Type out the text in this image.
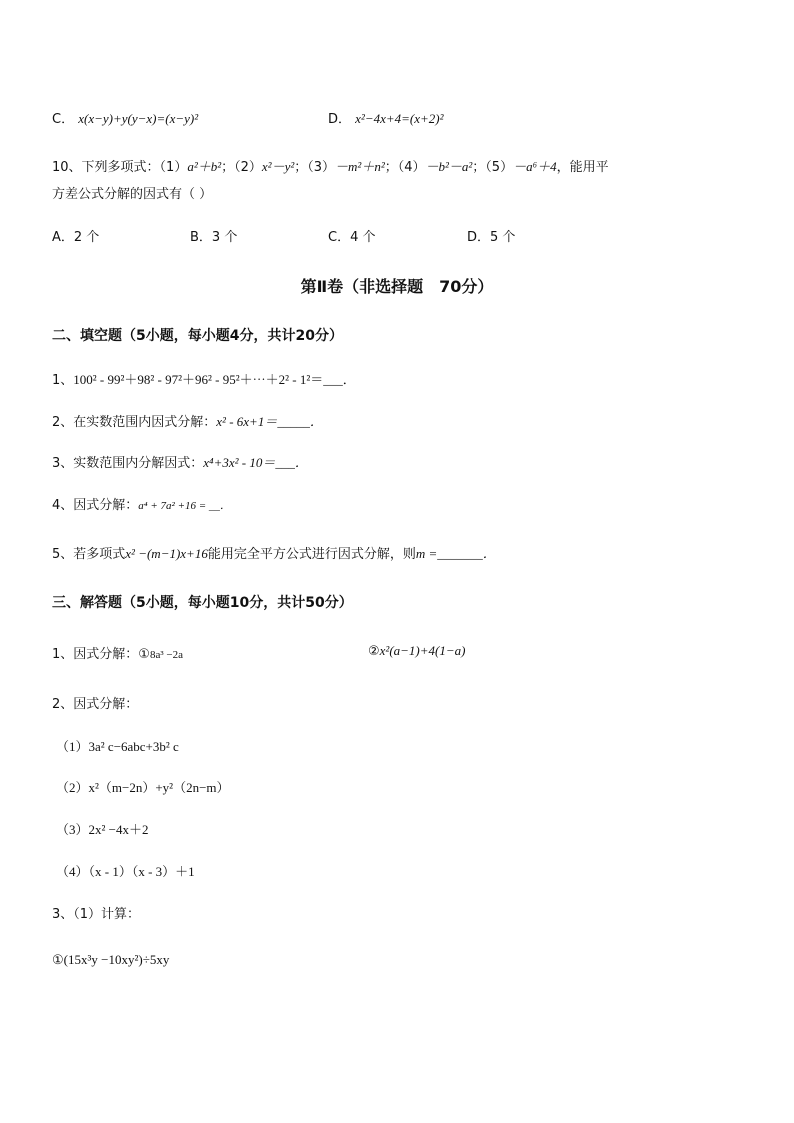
C． x(x−y)+y(y−x)=(x−y)²	D． x²−4x+4=(x+2)²
10、下列多项式：（1）a²＋b²；（2）x²－y²；（3）－m²＋n²；（4）－b²－a²；（5）－a⁶＋4，能用平
方差公式分解的因式有（ ）
A．2 个	B．3 个	C．4 个	D．5 个
第Ⅱ卷（非选择题　70分）
二、填空题（5小题，每小题4分，共计20分）
1、100² - 99²＋98² - 97²＋96² - 95²＋⋯＋2² - 1²＝___．
2、在实数范围内因式分解：x² - 6x+1＝_____．
3、实数范围内分解因式：x⁴+3x² - 10＝___．
4、因式分解：a⁴ + 7a² +16 = __．
5、若多项式x² −(m−1)x+16能用完全平方公式进行因式分解，则m =_______．
三、解答题（5小题，每小题10分，共计50分）
1、因式分解：①8a³ −2a	②x²(a−1)+4(1−a)
2、因式分解：
（1）3a² c−6abc+3b² c
（2）x²（m−2n）+y²（2n−m）
（3）2x² −4x＋2
（4）（x - 1）（x - 3）＋1
3、（1）计算：
①(15x³y −10xy²)÷5xy
